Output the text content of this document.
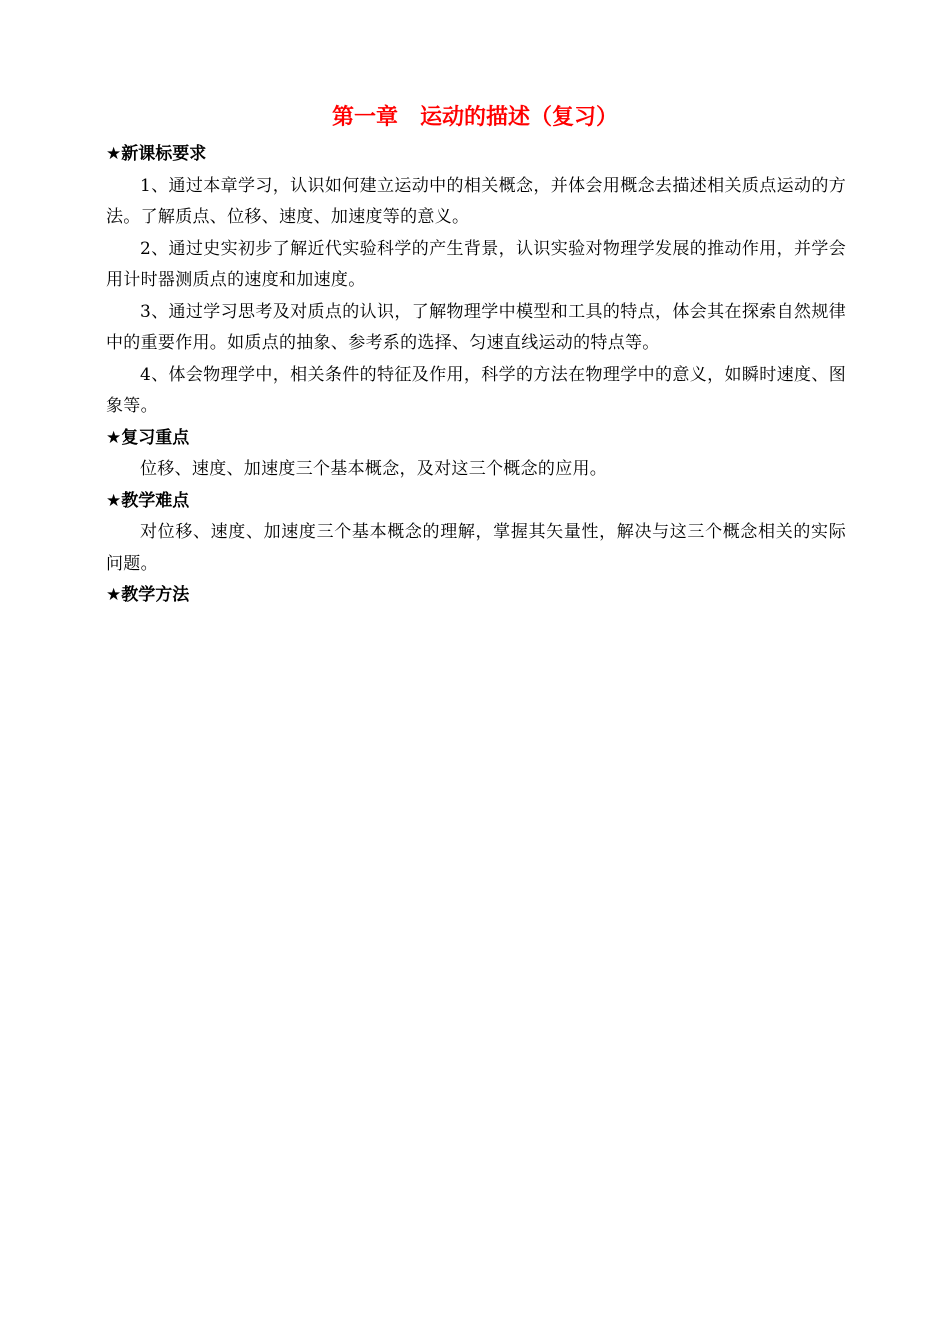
第一章　运动的描述（复习）

★新课标要求

1、通过本章学习，认识如何建立运动中的相关概念，并体会用概念去描述相关质点运动的方法。了解质点、位移、速度、加速度等的意义。

2、通过史实初步了解近代实验科学的产生背景，认识实验对物理学发展的推动作用，并学会用计时器测质点的速度和加速度。

3、通过学习思考及对质点的认识，了解物理学中模型和工具的特点，体会其在探索自然规律中的重要作用。如质点的抽象、参考系的选择、匀速直线运动的特点等。

4、体会物理学中，相关条件的特征及作用，科学的方法在物理学中的意义，如瞬时速度、图象等。

★复习重点

位移、速度、加速度三个基本概念，及对这三个概念的应用。

★教学难点

对位移、速度、加速度三个基本概念的理解，掌握其矢量性，解决与这三个概念相关的实际问题。

★教学方法
